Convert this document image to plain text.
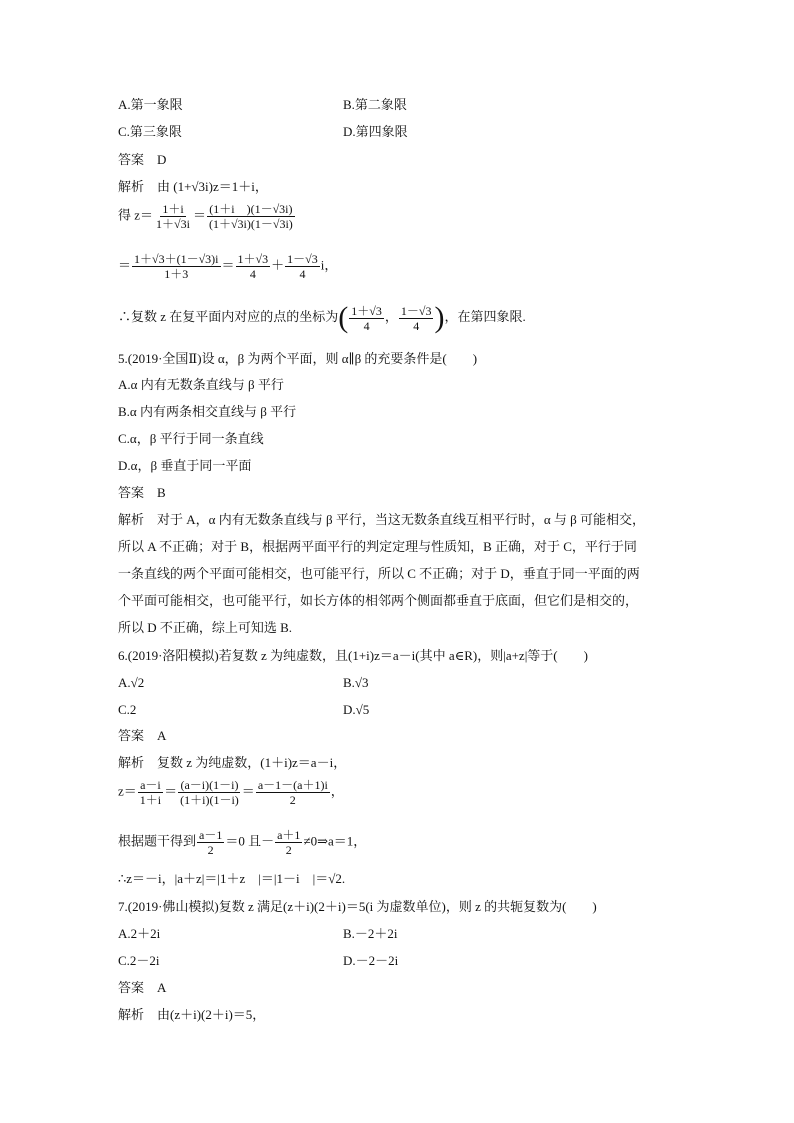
A.第一象限	B.第二象限
C.第三象限	D.第四象限
答案　D
解析　由 (1+√3i)z＝1＋i，
得 $z= \frac{1+i}{1+√3i} = \frac{(1+i )(1-√3i)}{(1+√3i)(1-√3i)}$
＝ $\frac{1+√3+(1-√3)i}{1+3} = \frac{1+√3}{4} + \frac{1-√3}{4}$ i，
∴复数 z 在复平面内对应的点的坐标为( $\frac{1+√3}{4}$ ， $\frac{1-√3}{4}$ )，在第四象限.
5.(2019·全国Ⅱ)设 α，β 为两个平面，则 α∥β 的充要条件是(　　)
A.α 内有无数条直线与 β 平行
B.α 内有两条相交直线与 β 平行
C.α，β 平行于同一条直线
D.α，β 垂直于同一平面
答案　B
解析　对于 A，α 内有无数条直线与 β 平行，当这无数条直线互相平行时，α 与 β 可能相交，
所以 A 不正确；对于 B，根据两平面平行的判定定理与性质知，B 正确，对于 C，平行于同
一条直线的两个平面可能相交，也可能平行，所以 C 不正确；对于 D，垂直于同一平面的两
个平面可能相交，也可能平行，如长方体的相邻两个侧面都垂直于底面，但它们是相交的，
所以 D 不正确，综上可知选 B.
6.(2019·洛阳模拟)若复数 z 为纯虚数，且(1+i)z＝a－i(其中 a∈R)，则|a+z|等于(　　)
A.√2	B.√3
C.2	D.√5
答案　A
解析　复数 z 为纯虚数，(1＋i)z＝a－i，
$z= \frac{a-i}{1+i} = \frac{(a-i)(1-i)}{(1+i)(1-i)} = \frac{a-1-(a+1)i}{2}$ ，
根据题干得到 $\frac{a-1}{2} =0$ 且－ $\frac{a+1}{2}$ ≠0⇒a＝1，
∴z＝－i，|a＋z|＝|1＋z　|＝|1－i　|＝√2.
7.(2019·佛山模拟)复数 z 满足(z＋i)(2＋i)＝5(i 为虚数单位)，则 z 的共轭复数为(　　)
A.2＋2i	B.－2＋2i
C.2－2i	D.－2－2i
答案　A
解析　由(z＋i)(2＋i)＝5，
